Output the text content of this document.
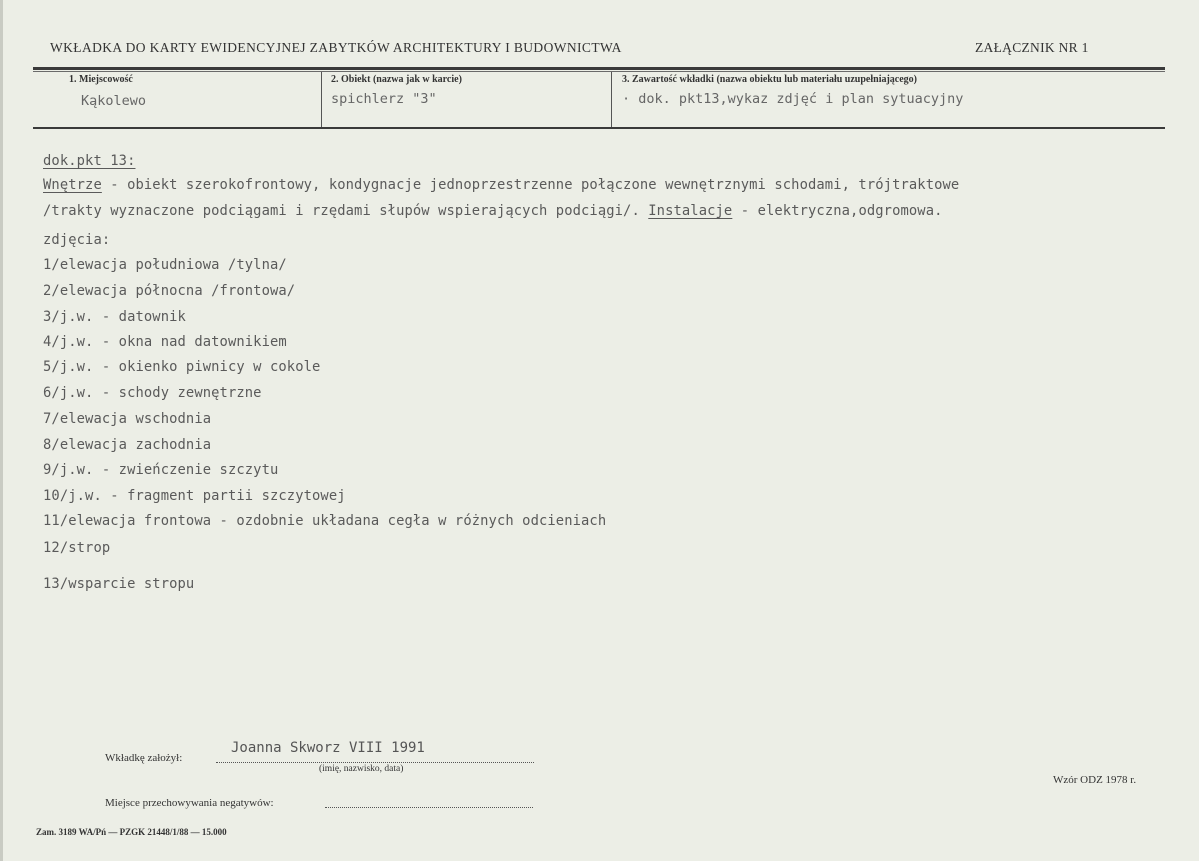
WKŁADKA DO KARTY EWIDENCYJNEJ ZABYTKÓW ARCHITEKTURY I BUDOWNICTWA	ZAŁĄCZNIK NR 1
1. Miejscowość
Kąkolewo
2. Obiekt (nazwa jak w karcie)
spichlerz "3"
3. Zawartość wkładki (nazwa obiektu lub materiału uzupełniającego)
· dok. pkt13,wykaz zdjęć i plan sytuacyjny
dok.pkt 13:
Wnętrze - obiekt szerokofrontowy, kondygnacje jednoprzestrzenne połączone wewnętrznymi schodami, trójtraktowe
/trakty wyznaczone podciągami i rzędami słupów wspierających podciągi/. Instalacje - elektryczna,odgromowa.
zdjęcia:
1/elewacja południowa /tylna/
2/elewacja północna /frontowa/
3/j.w. - datownik
4/j.w. - okna nad datownikiem
5/j.w. - okienko piwnicy w cokole
6/j.w. - schody zewnętrzne
7/elewacja wschodnia
8/elewacja zachodnia
9/j.w. - zwieńczenie szczytu
10/j.w. - fragment partii szczytowej
11/elewacja frontowa - ozdobnie układana cegła w różnych odcieniach
12/strop
13/wsparcie stropu
Wkładkę założył:
Joanna Skworz VIII 1991
(imię, nazwisko, data)
Wzór ODZ 1978 r.
Miejsce przechowywania negatywów:
Zam. 3189 WA/Pń — PZGK 21448/1/88 — 15.000
